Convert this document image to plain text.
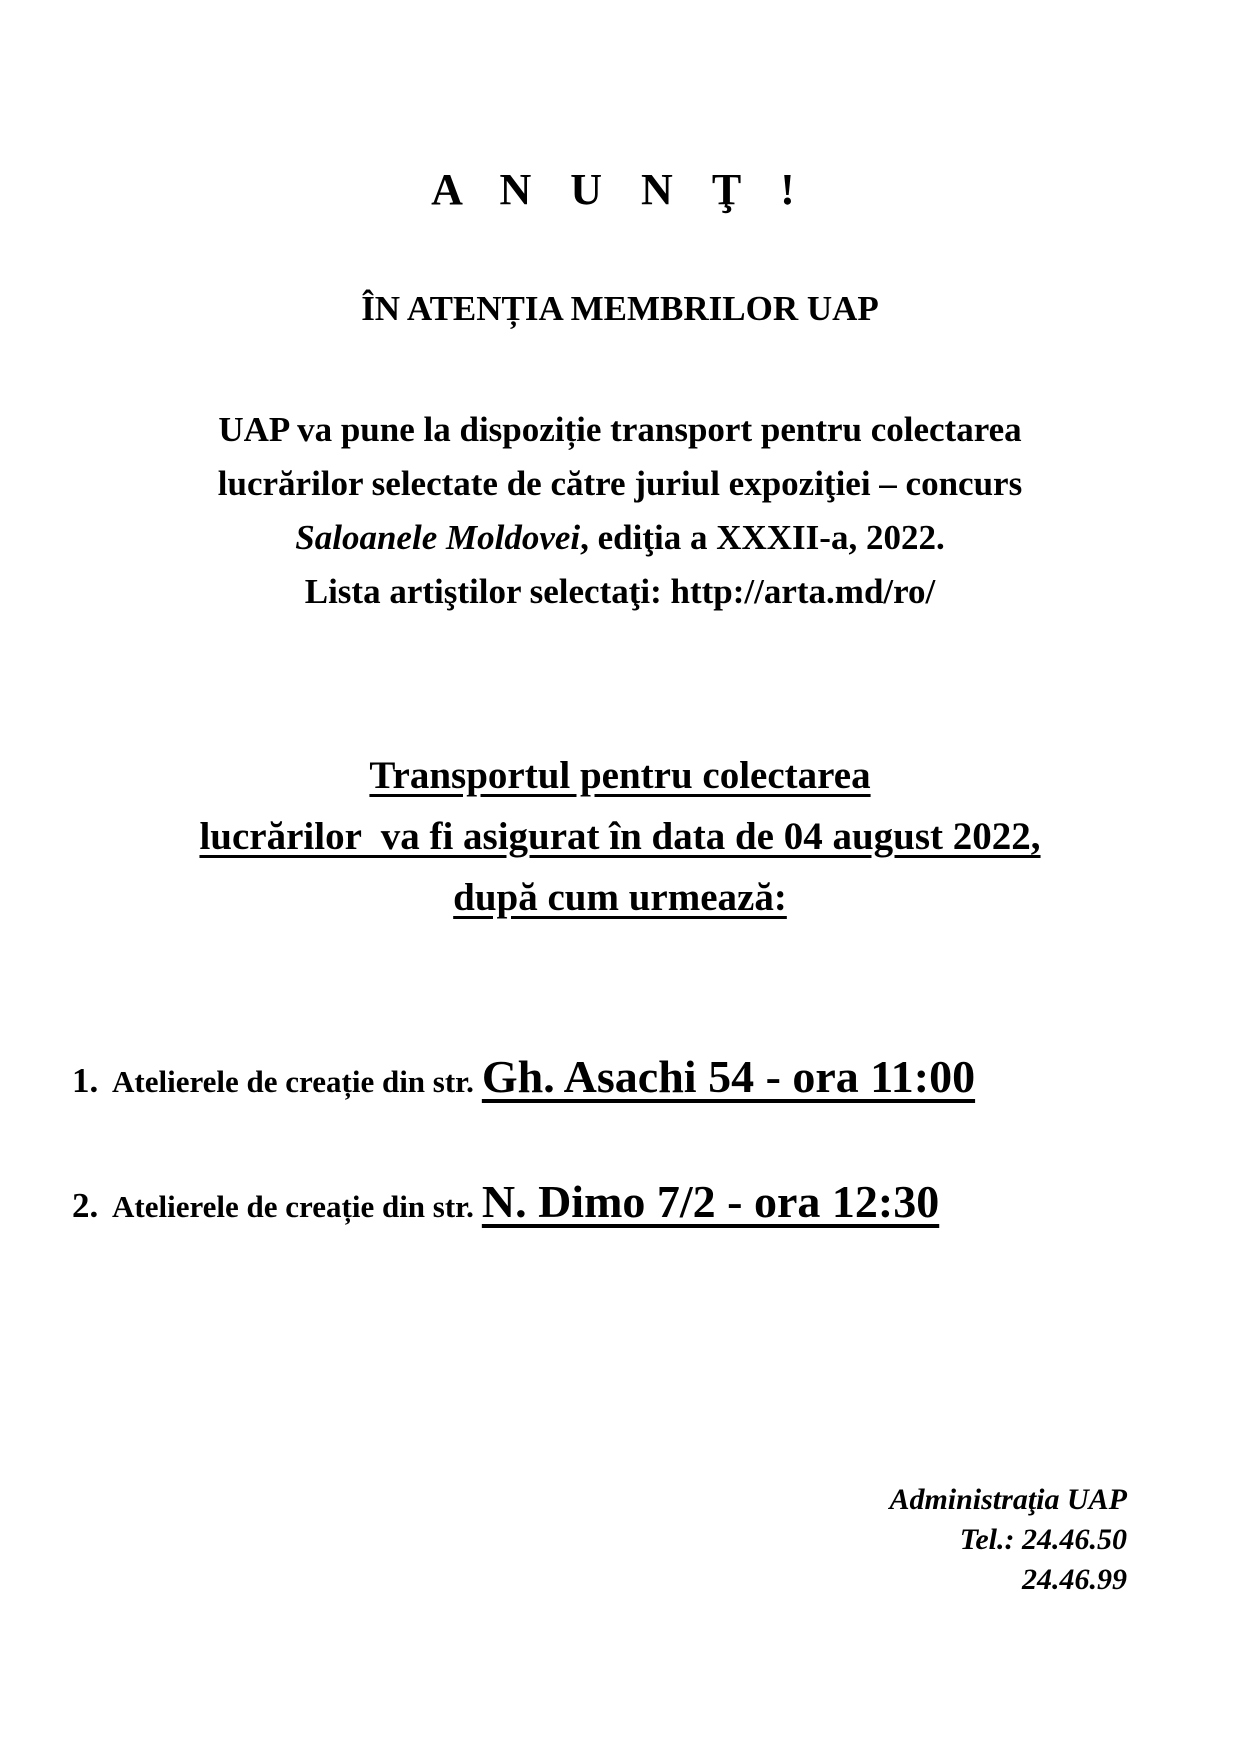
A N U N Ţ !
ÎN ATENȚIA MEMBRILOR UAP
UAP va pune la dispoziție transport pentru colectarea
lucrărilor selectate de către juriul expoziţiei – concurs
Saloanele Moldovei, ediţia a XXXII-a, 2022.
Lista artiştilor selectaţi: http://arta.md/ro/
Transportul pentru colectarea
lucrărilor  va fi asigurat în data de 04 august 2022,
după cum urmează:
1. Atelierele de creație din str. Gh. Asachi 54 - ora 11:00
2. Atelierele de creație din str. N. Dimo 7/2 - ora 12:30
Administraţia UAP
Tel.: 24.46.50
24.46.99
